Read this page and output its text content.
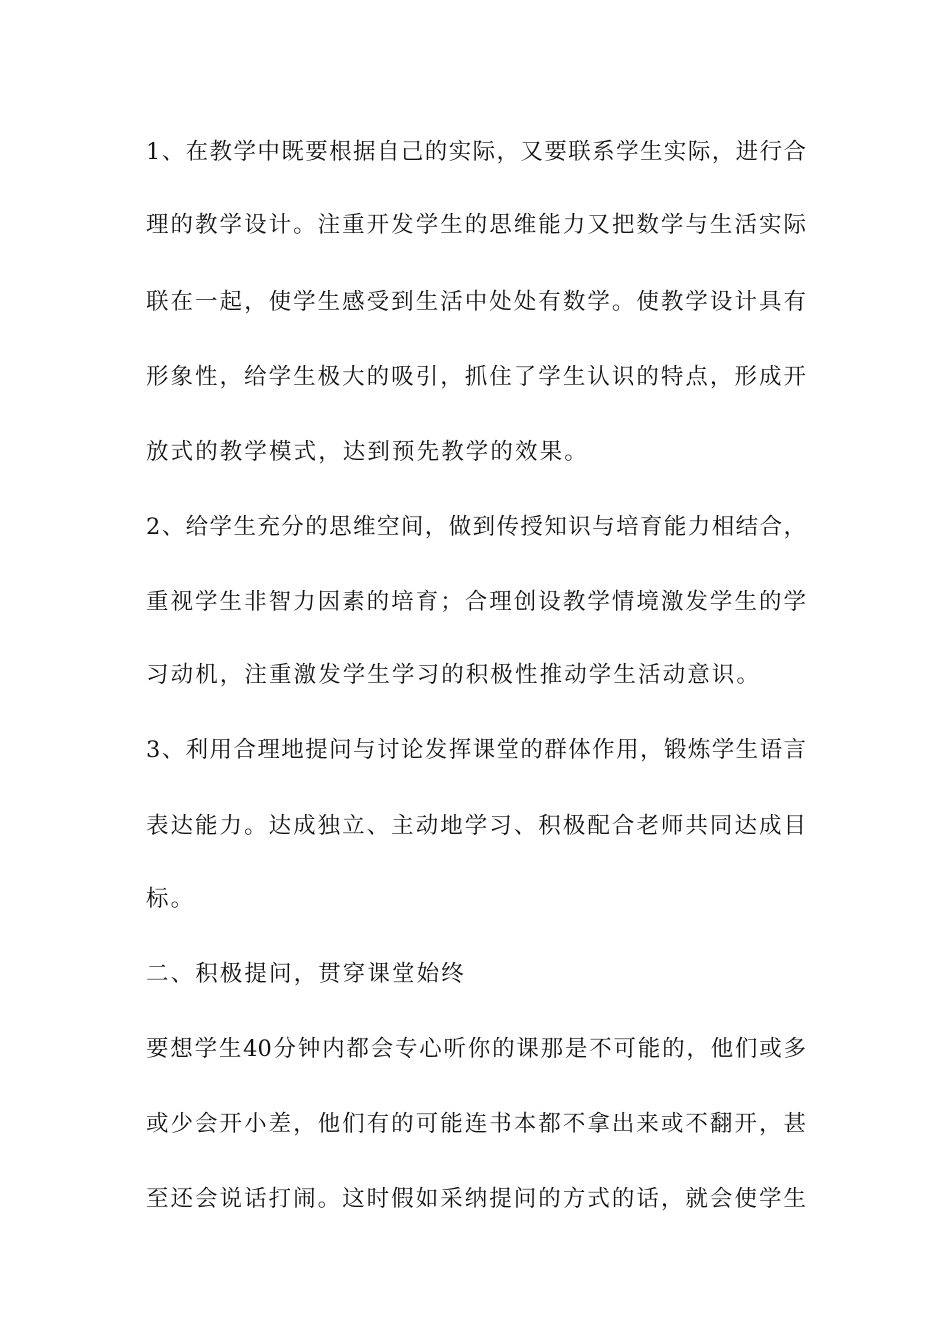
1、在教学中既要根据自己的实际，又要联系学生实际，进行合
理的教学设计。注重开发学生的思维能力又把数学与生活实际
联在一起，使学生感受到生活中处处有数学。使教学设计具有
形象性，给学生极大的吸引，抓住了学生认识的特点，形成开
放式的教学模式，达到预先教学的效果。
2、给学生充分的思维空间，做到传授知识与培育能力相结合，
重视学生非智力因素的培育；合理创设教学情境激发学生的学
习动机，注重激发学生学习的积极性推动学生活动意识。
3、利用合理地提问与讨论发挥课堂的群体作用，锻炼学生语言
表达能力。达成独立、主动地学习、积极配合老师共同达成目
标。
二、积极提问，贯穿课堂始终
要想学生40分钟内都会专心听你的课那是不可能的，他们或多
或少会开小差，他们有的可能连书本都不拿出来或不翻开，甚
至还会说话打闹。这时假如采纳提问的方式的话，就会使学生
